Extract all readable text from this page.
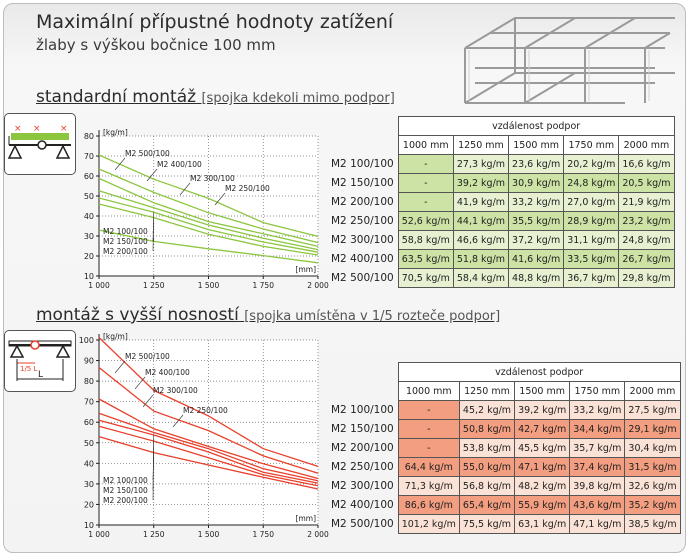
Maximální přípustné hodnoty zatížení
žlaby s výškou bočnice 100 mm
standardní montáž [spojka kdekoli mimo podpor]
montáž s vyšší nosností [spojka umístěna v 1/5 rozteče podpor]
× × ×
1/5 L
L
10
20
30
40
50
60
70
80
1 000	1 250	1 500	1 750	2 000
[kg/m]
[mm]
M2 100/100
M2 150/100
M2 200/100
M2 250/100
M2 300/100
M2 400/100
M2 500/100
10
20
30
40
50
60
70
80
90
100
1 000	1 250	1 500	1 750	2 000
[kg/m]
[mm]
M2 100/100
M2 150/100
M2 200/100
M2 250/100
M2 300/100
M2 400/100
M2 500/100
	vzdálenost podpor				
	1000 mm	1250 mm	1500 mm	1750 mm	2000 mm
M2 100/100	-	27,3 kg/m	23,6 kg/m	20,2 kg/m	16,6 kg/m
M2 150/100	-	39,2 kg/m	30,9 kg/m	24,8 kg/m	20,5 kg/m
M2 200/100	-	41,9 kg/m	33,2 kg/m	27,0 kg/m	21,9 kg/m
M2 250/100	52,6 kg/m	44,1 kg/m	35,5 kg/m	28,9 kg/m	23,2 kg/m
M2 300/100	58,8 kg/m	46,6 kg/m	37,2 kg/m	31,1 kg/m	24,8 kg/m
M2 400/100	63,5 kg/m	51,8 kg/m	41,6 kg/m	33,5 kg/m	26,7 kg/m
M2 500/100	70,5 kg/m	58,4 kg/m	48,8 kg/m	36,7 kg/m	29,8 kg/m
	vzdálenost podpor				
	1000 mm	1250 mm	1500 mm	1750 mm	2000 mm
M2 100/100	-	45,2 kg/m	39,2 kg/m	33,2 kg/m	27,5 kg/m
M2 150/100	-	50,8 kg/m	42,7 kg/m	34,4 kg/m	29,1 kg/m
M2 200/100	-	53,8 kg/m	45,5 kg/m	35,7 kg/m	30,4 kg/m
M2 250/100	64,4 kg/m	55,0 kg/m	47,1 kg/m	37,4 kg/m	31,5 kg/m
M2 300/100	71,3 kg/m	56,8 kg/m	48,2 kg/m	39,8 kg/m	32,6 kg/m
M2 400/100	86,6 kg/m	65,4 kg/m	55,9 kg/m	43,6 kg/m	35,2 kg/m
M2 500/100	101,2 kg/m	75,5 kg/m	63,1 kg/m	47,1 kg/m	38,5 kg/m
